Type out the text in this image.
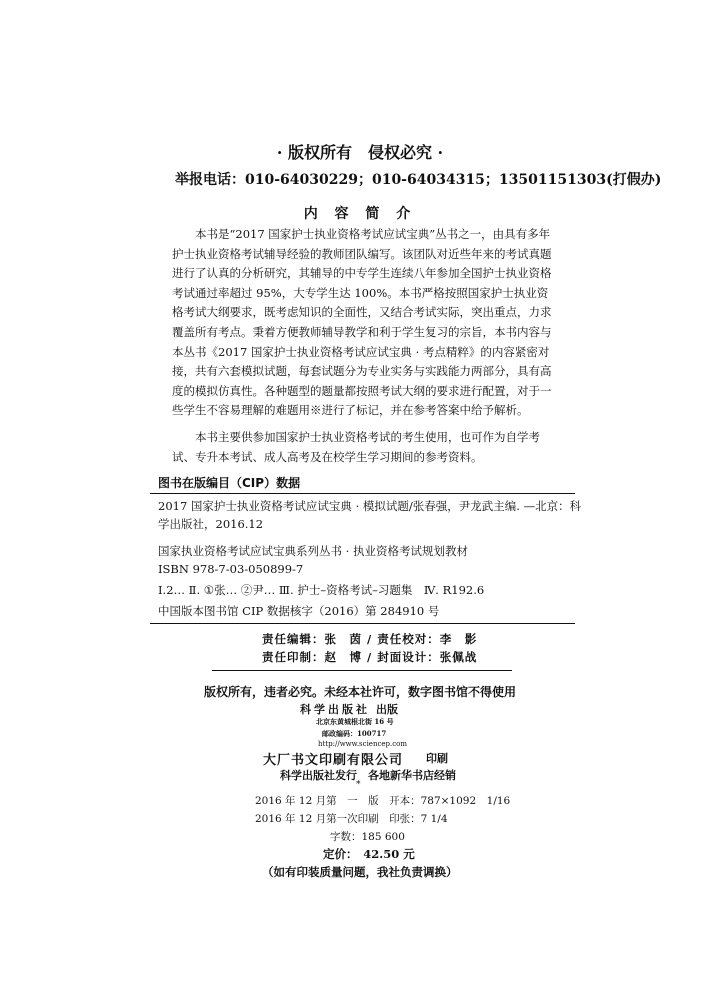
· 版权所有　侵权必究 ·
举报电话：010-64030229；010-64034315；13501151303(打假办)
内 容 简 介
本书是“2017 国家护士执业资格考试应试宝典”丛书之一，由具有多年护士执业资格考试辅导经验的教师团队编写。该团队对近些年来的考试真题进行了认真的分析研究，其辅导的中专学生连续八年参加全国护士执业资格考试通过率超过 95%，大专学生达 100%。本书严格按照国家护士执业资格考试大纲要求，既考虑知识的全面性，又结合考试实际，突出重点，力求覆盖所有考点。秉着方便教师辅导教学和利于学生复习的宗旨，本书内容与本丛书《2017 国家护士执业资格考试应试宝典 · 考点精粹》的内容紧密对接，共有六套模拟试题，每套试题分为专业实务与实践能力两部分，具有高度的模拟仿真性。各种题型的题量都按照考试大纲的要求进行配置，对于一些学生不容易理解的难题用※进行了标记，并在参考答案中给予解析。
本书主要供参加国家护士执业资格考试的考生使用，也可作为自学考试、专升本考试、成人高考及在校学生学习期间的参考资料。
图书在版编目（CIP）数据
2017 国家护士执业资格考试应试宝典 · 模拟试题/张春强，尹龙武主编. —北京：科
学出版社，2016.12
国家执业资格考试应试宝典系列丛书 · 执业资格考试规划教材
ISBN 978-7-03-050899-7
Ⅰ.2… Ⅱ. ①张… ②尹… Ⅲ. 护士–资格考试–习题集　Ⅳ. R192.6
中国版本图书馆 CIP 数据核字（2016）第 284910 号
责任编辑：张　茵 / 责任校对：李　影
责任印制：赵　博 / 封面设计：张佩战
版权所有，违者必究。未经本社许可，数字图书馆不得使用
科学出版社 出版
北京东黄城根北街 16 号
邮政编码：100717
http://www.sciencep.com
大厂书文印刷有限公司 印刷
科学出版社发行　各地新华书店经销
*
2016 年 12 月第　一　版　开本：787×1092　1/16
2016 年 12 月第一次印刷　印张：7 1/4
字数：185 600
定价：　42.50 元
（如有印装质量问题，我社负责调换）
